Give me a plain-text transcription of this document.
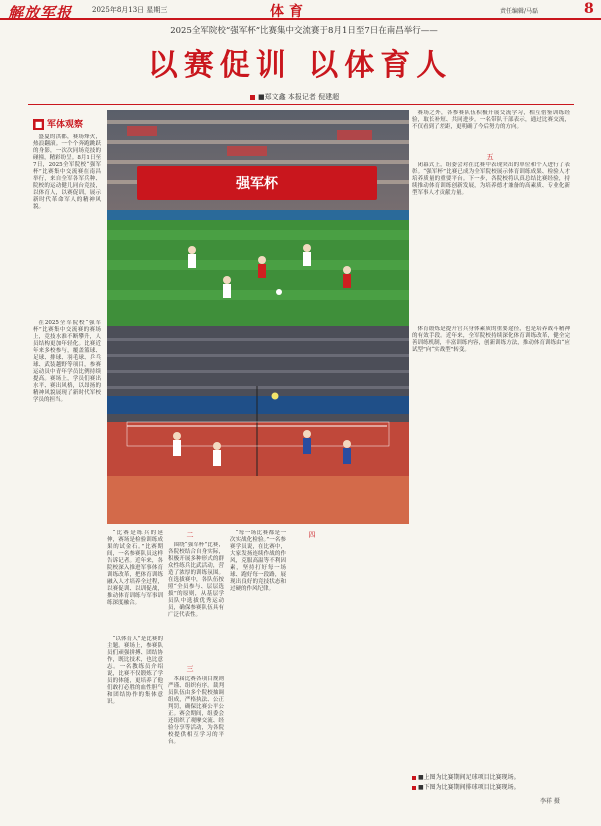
解放军报	2025年8月13日 星期三	体育	责任编辑/马磊	8
2025全军院校“强军杯”比赛集中交流赛于8月1日至7日在南昌举行——
以赛促训 以体育人
■郑文鑫 本报记者 倪建超
■ 军体观察

盛夏的洪都，赛场烽火，热浪翻滚。一个个奔跑跳跃的身影，一次次同场竞技的碰撞，精彩纷呈。8月1日至7日，2025全军院校“强军杯”比赛集中交流赛在南昌举行，来自全军各军兵种、院校的运动健儿同台竞技，以体育人，以赛促训，展示新时代革命军人的精神风貌。

在2025全军院校“强军杯”比赛集中交流赛的赛场上，竞技水准不断攀升，人员结构更加年轻化。比赛近年来多校参与，覆盖篮球、足球、排球、羽毛球、乒乓球、武装越野等项目，参赛运动员中青年学员比例持续提高。赛场上，学员们赛出水平、赛出风格，以昂扬的精神风貌展现了新时代军校学员的担当。

强军杯

赛场之外，各参赛队伍积极开展交流学习，相互借鉴训练经验，取长补短、共同进步。一名带队干部表示，通过比赛交流，不仅看到了差距，更明确了今后努力的方向。

五

闭幕式上，组委会对在比赛中表现突出的单位和个人进行了表彰。“强军杯”比赛已成为全军院校展示体育训练成果、检验人才培养质量的重要平台。下一步，各院校将认真总结比赛经验，持续推动体育训练创新发展，为培养德才兼备的高素质、专业化新型军事人才贡献力量。

体育锻炼是提升官兵身体素质的重要途径，也是培养战斗精神的有效手段。近年来，全军院校持续深化体育训练改革，健全完善训练机制，丰富训练内容，创新训练方法，推动体育训练由“应试型”向“实战型”转变。

“比赛是练兵的延伸，赛场是检验训练成果的试金石。”比赛期间，一名参赛队员这样告诉记者。近年来，各院校深入推进军事体育训练改革，把体育训练融入人才培养全过程，以赛促训、以训促战，推动体育训练与军事训练深度融合。

“以体育人”是比赛的主题。赛场上，参赛队员们顽强拼搏、团结协作，既比技术，也比意志。一名教练员介绍说，比赛不仅锻炼了学员的体能，更培养了他们敢打必胜的血性胆气和团结协作的集体意识。

二

围绕“强军杯”比赛，各院校结合自身实际，积极开展多种形式的群众性练兵比武活动，营造了浓厚的训练氛围。在选拔赛中，各队伍按照“全员参与、层层选拔”的原则，从基层学员队中选拔优秀运动员，确保参赛队伍具有广泛代表性。

三

本届比赛各项目规则严谨、组织有序。裁判员队伍由多个院校抽调组成，严格执法、公正判罚，确保比赛公平公正。赛会期间，组委会还组织了观摩交流、经验分享等活动，为各院校提供相互学习的平台。

“每一场比赛都是一次实战化检验。”一名参赛学员说，在比赛中，大家发扬连续作战的作风，克服高温等不利因素，坚持打好每一场球、跑好每一段路，展现出良好的竞技状态和过硬的作风纪律。

四
■上图为比赛期间足球项目比赛现场。
■下图为比赛期间排球项目比赛现场。
李祥 摄
